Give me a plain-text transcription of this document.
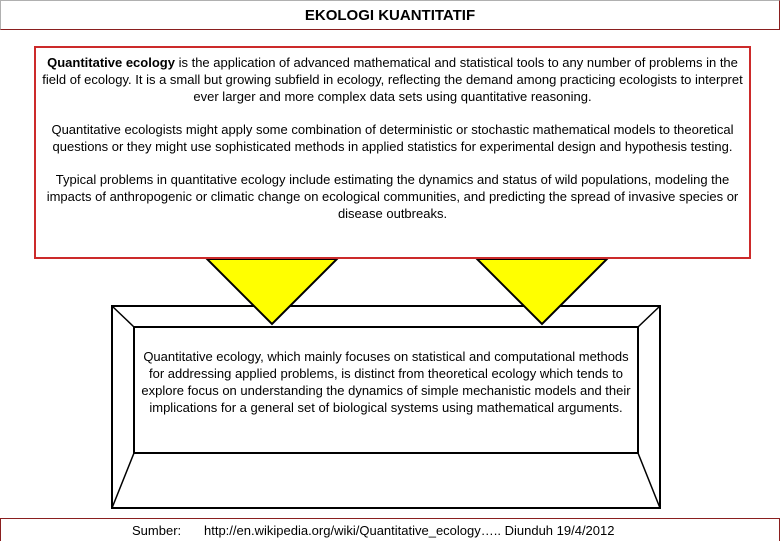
EKOLOGI KUANTITATIF

Quantitative ecology is the application of advanced mathematical and statistical tools to any number of problems in the field of ecology. It is a small but growing subfield in ecology, reflecting the demand among practicing ecologists to interpret ever larger and more complex data sets using quantitative reasoning.

Quantitative ecologists might apply some combination of deterministic or stochastic mathematical models to theoretical questions or they might use sophisticated methods in applied statistics for experimental design and hypothesis testing.

Typical problems in quantitative ecology include estimating the dynamics and status of wild populations, modeling the impacts of anthropogenic or climatic change on ecological communities, and predicting the spread of invasive species or disease outbreaks.

Quantitative ecology, which mainly focuses on statistical and computational methods for addressing applied problems, is distinct from theoretical ecology which tends to explore focus on understanding the dynamics of simple mechanistic models and their implications for a general set of biological systems using mathematical arguments.
Sumber: http://en.wikipedia.org/wiki/Quantitative_ecology….. Diunduh 19/4/2012
